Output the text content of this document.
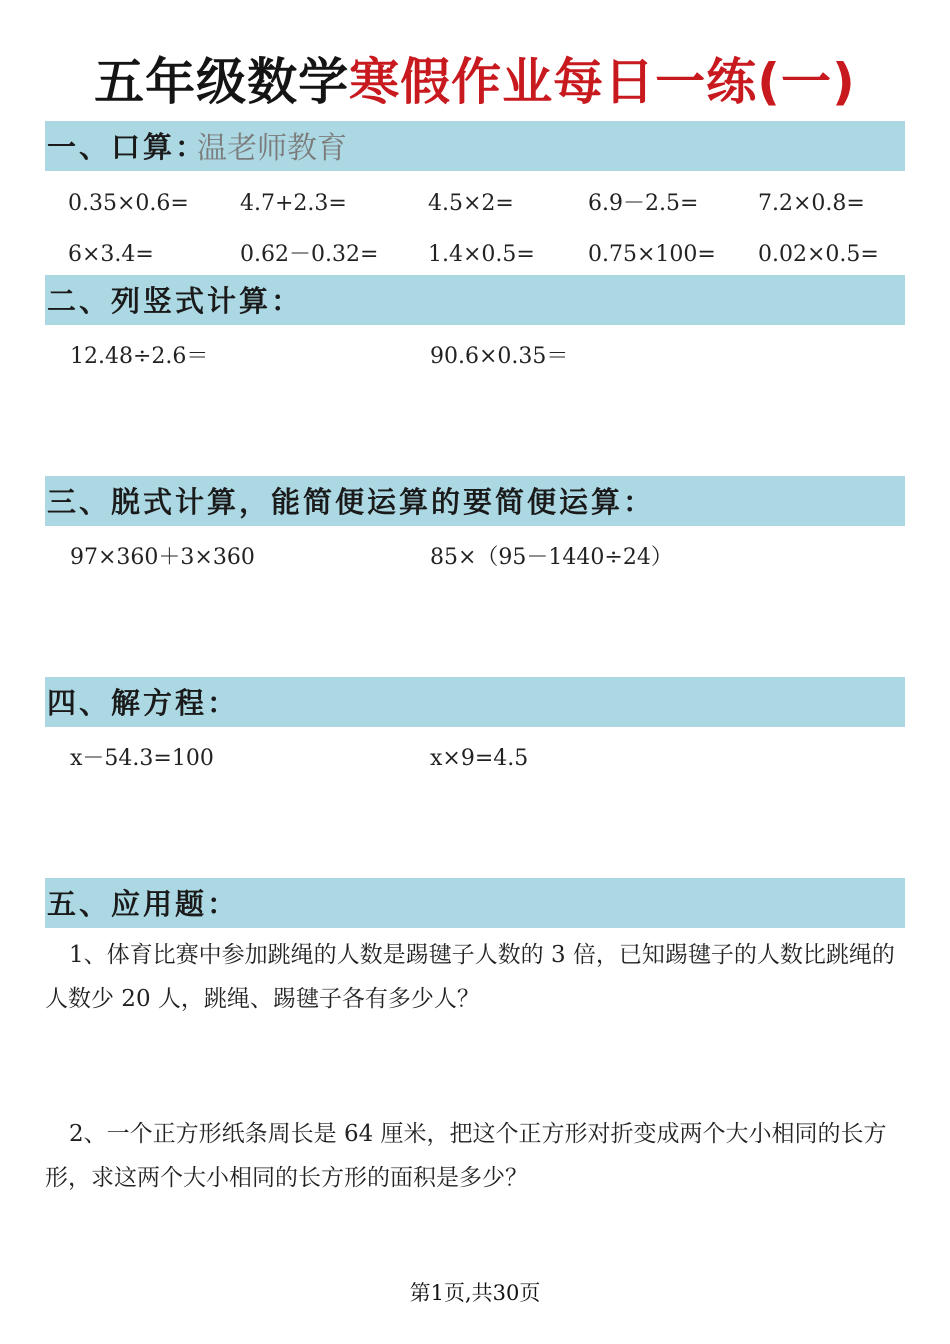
五年级数学寒假作业每日一练(一)
一、口算：
温老师教育
0.35×0.6= 4.7+2.3=	4.5×2=	6.9－2.5=	7.2×0.8=
6×3.4=	0.62－0.32= 1.4×0.5= 0.75×100= 0.02×0.5=
二、列竖式计算：
12.48÷2.6＝	90.6×0.35＝
三、脱式计算，能简便运算的要简便运算：
97×360＋3×360	85×（95－1440÷24）
四、解方程：
x－54.3=100	x×9=4.5
五、应用题：
1、体育比赛中参加跳绳的人数是踢毽子人数的 3 倍，已知踢毽子的人数比跳绳的人数少 20 人，跳绳、踢毽子各有多少人？
2、一个正方形纸条周长是 64 厘米，把这个正方形对折变成两个大小相同的长方形，求这两个大小相同的长方形的面积是多少？
第1页,共30页
